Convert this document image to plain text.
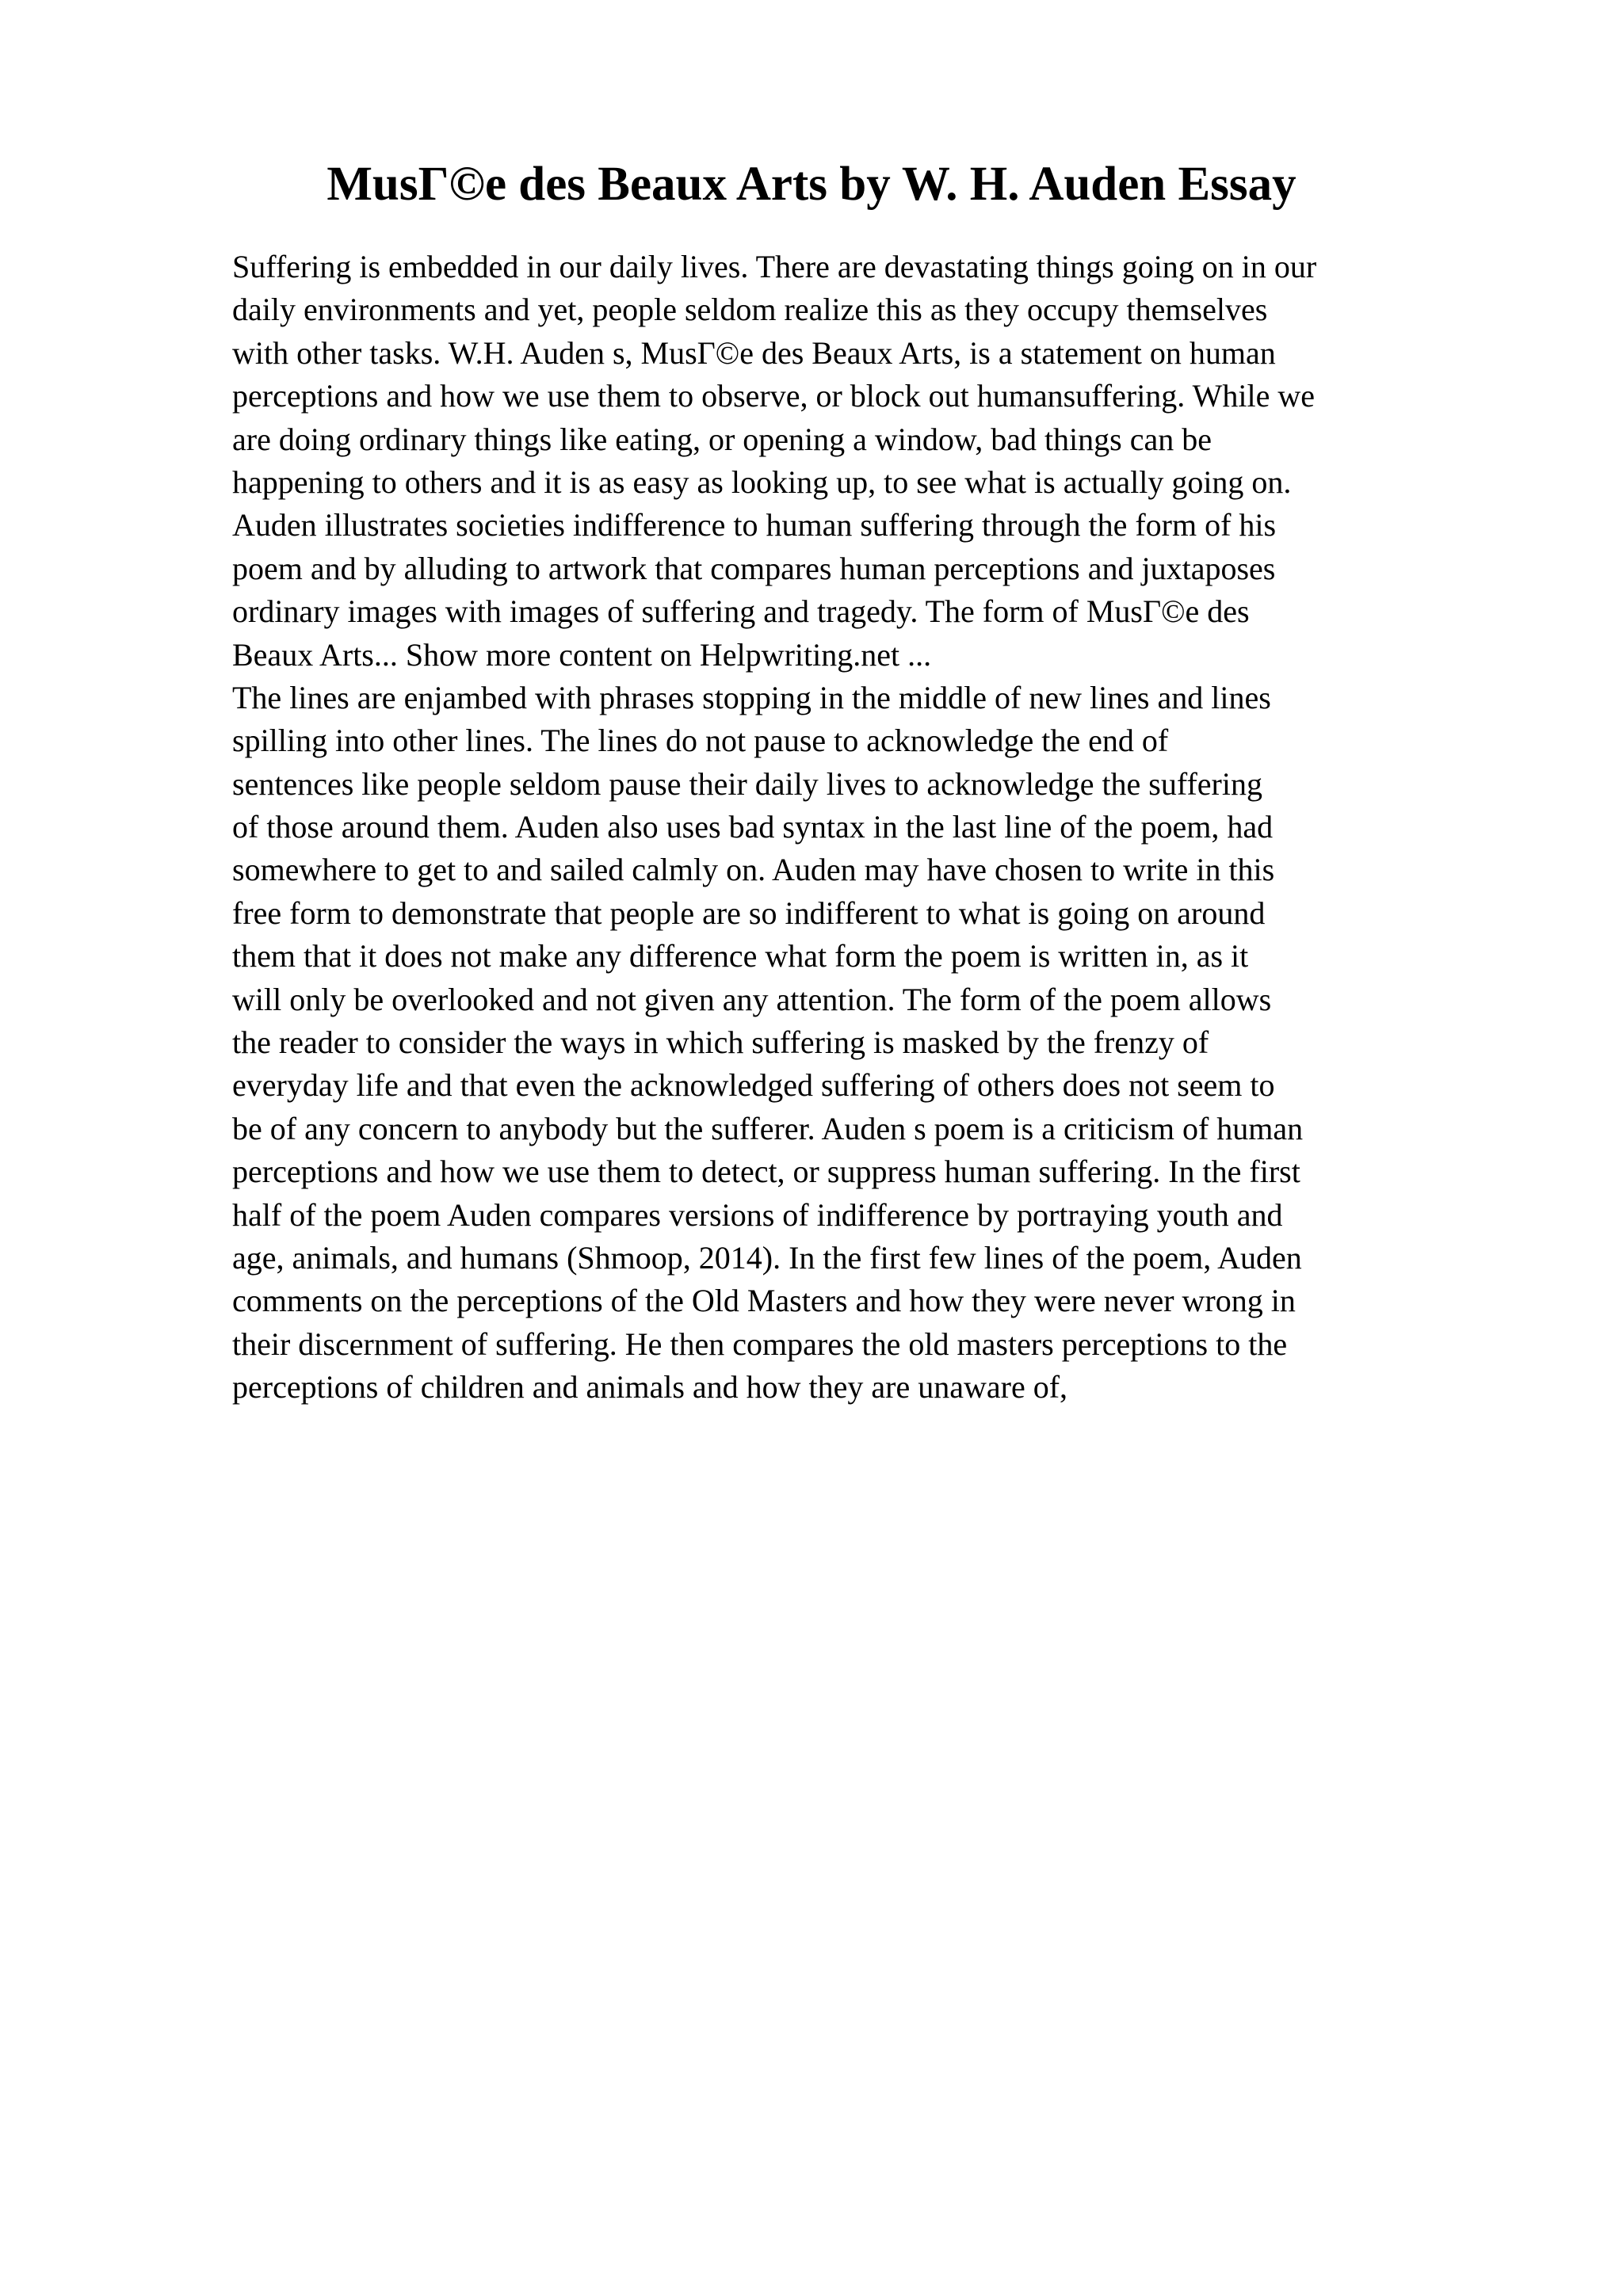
MusΓ©e des Beaux Arts by W. H. Auden Essay
Suffering is embedded in our daily lives. There are devastating things going on in our
daily environments and yet, people seldom realize this as they occupy themselves
with other tasks. W.H. Auden s, MusΓ©e des Beaux Arts, is a statement on human
perceptions and how we use them to observe, or block out humansuffering. While we
are doing ordinary things like eating, or opening a window, bad things can be
happening to others and it is as easy as looking up, to see what is actually going on.
Auden illustrates societies indifference to human suffering through the form of his
poem and by alluding to artwork that compares human perceptions and juxtaposes
ordinary images with images of suffering and tragedy. The form of MusΓ©e des
Beaux Arts... Show more content on Helpwriting.net ...
The lines are enjambed with phrases stopping in the middle of new lines and lines
spilling into other lines. The lines do not pause to acknowledge the end of
sentences like people seldom pause their daily lives to acknowledge the suffering
of those around them. Auden also uses bad syntax in the last line of the poem, had
somewhere to get to and sailed calmly on. Auden may have chosen to write in this
free form to demonstrate that people are so indifferent to what is going on around
them that it does not make any difference what form the poem is written in, as it
will only be overlooked and not given any attention. The form of the poem allows
the reader to consider the ways in which suffering is masked by the frenzy of
everyday life and that even the acknowledged suffering of others does not seem to
be of any concern to anybody but the sufferer. Auden s poem is a criticism of human
perceptions and how we use them to detect, or suppress human suffering. In the first
half of the poem Auden compares versions of indifference by portraying youth and
age, animals, and humans (Shmoop, 2014). In the first few lines of the poem, Auden
comments on the perceptions of the Old Masters and how they were never wrong in
their discernment of suffering. He then compares the old masters perceptions to the
perceptions of children and animals and how they are unaware of,
